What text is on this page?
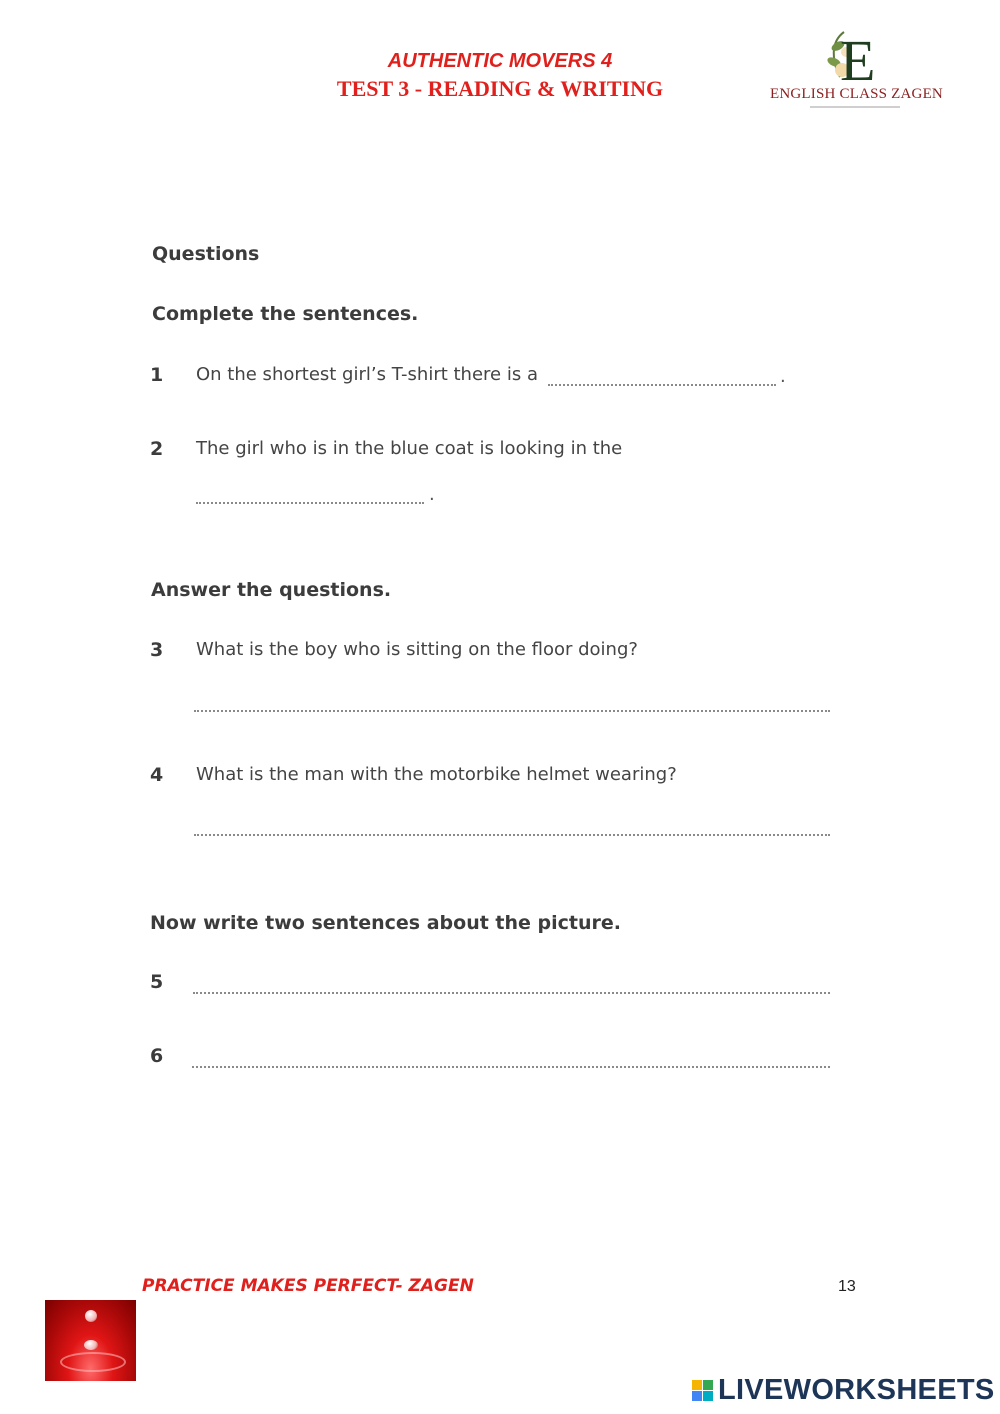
AUTHENTIC MOVERS 4
TEST 3 - READING & WRITING	E
ENGLISH CLASS ZAGEN
Questions
Complete the sentences.
1 On the shortest girl’s T-shirt there is a	.
2 The girl who is in the blue coat is looking in the
.
Answer the questions.
3 What is the boy who is sitting on the floor doing?
4 What is the man with the motorbike helmet wearing?
Now write two sentences about the picture.
5
6
PRACTICE MAKES PERFECT- ZAGEN	13
LIVEWORKSHEETS
